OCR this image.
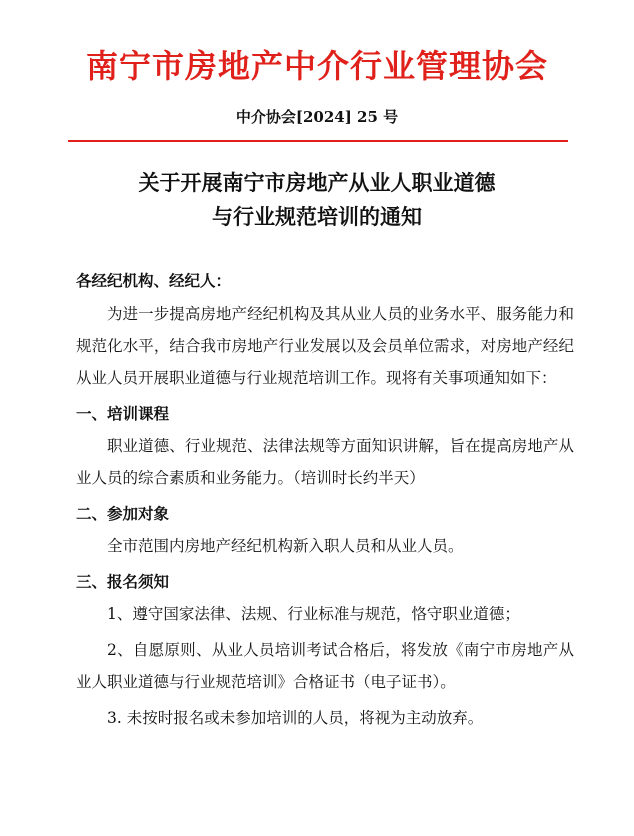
南宁市房地产中介行业管理协会
中介协会[2024] 25 号
关于开展南宁市房地产从业人职业道德
与行业规范培训的通知

各经纪机构、经纪人：

为进一步提高房地产经纪机构及其从业人员的业务水平、服务能力和规范化水平，结合我市房地产行业发展以及会员单位需求，对房地产经纪从业人员开展职业道德与行业规范培训工作。现将有关事项通知如下：

一、培训课程

职业道德、行业规范、法律法规等方面知识讲解，旨在提高房地产从业人员的综合素质和业务能力。（培训时长约半天）

二、参加对象

全市范围内房地产经纪机构新入职人员和从业人员。

三、报名须知

1、遵守国家法律、法规、行业标准与规范，恪守职业道德；

2、自愿原则、从业人员培训考试合格后，将发放《南宁市房地产从业人职业道德与行业规范培训》合格证书（电子证书）。

3. 未按时报名或未参加培训的人员，将视为主动放弃。
